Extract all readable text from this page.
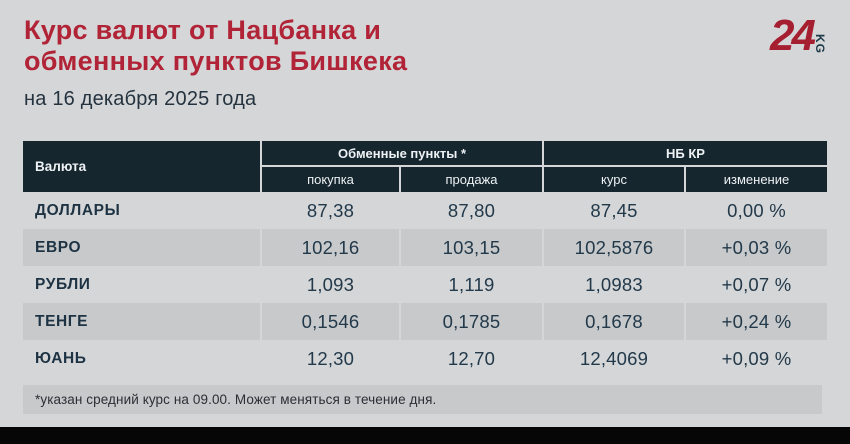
Курс валют от Нацбанка и
обменных пунктов Бишкека
на 16 декабря 2025 года
24 KG
Валюта
Обменные пункты *	НБ КР
покупка	продажа	курс	изменение
ДОЛЛАРЫ	87,38	87,80	87,45	0,00 %
ЕВРО	102,16	103,15	102,5876	+0,03 %
РУБЛИ	1,093	1,119	1,0983	+0,07 %
ТЕНГЕ	0,1546	0,1785	0,1678	+0,24 %
ЮАНЬ	12,30	12,70	12,4069	+0,09 %
*указан средний курс на 09.00. Может меняться в течение дня.
